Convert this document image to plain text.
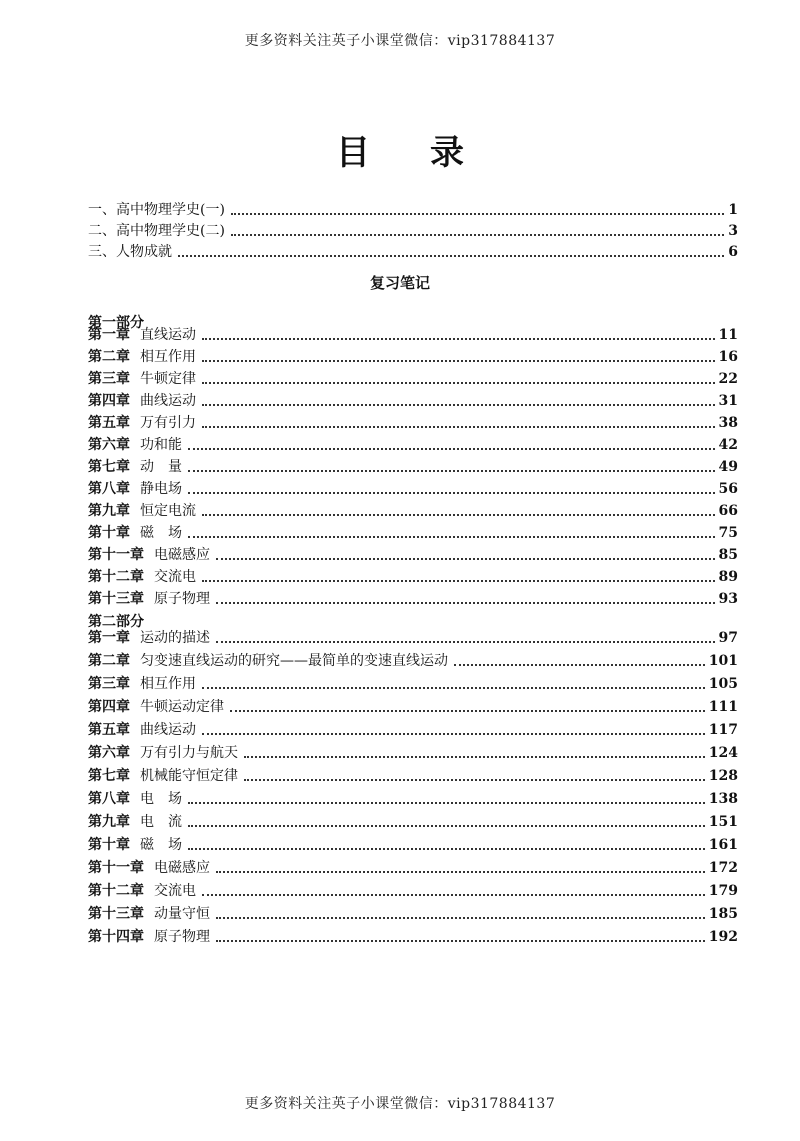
更多资料关注英子小课堂微信：vip317884137
目录
一、高中物理学史(一)	1
二、高中物理学史(二)	3
三、人物成就	6
复习笔记
第一部分
第一章 直线运动	11
第二章 相互作用	16
第三章 牛顿定律	22
第四章 曲线运动	31
第五章 万有引力	38
第六章 功和能	42
第七章 动　量	49
第八章 静电场	56
第九章 恒定电流	66
第十章 磁　场	75
第十一章 电磁感应	85
第十二章 交流电	89
第十三章 原子物理	93
第二部分
第一章 运动的描述	97
第二章 匀变速直线运动的研究——最简单的变速直线运动	101
第三章 相互作用	105
第四章 牛顿运动定律	111
第五章 曲线运动	117
第六章 万有引力与航天	124
第七章 机械能守恒定律	128
第八章 电　场	138
第九章 电　流	151
第十章 磁　场	161
第十一章 电磁感应	172
第十二章 交流电	179
第十三章 动量守恒	185
第十四章 原子物理	192
更多资料关注英子小课堂微信：vip317884137
